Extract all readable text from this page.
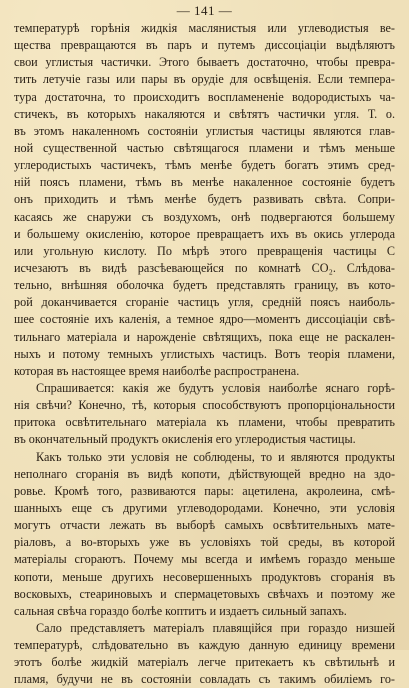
— 141 —
температурѣ горѣнія жидкія маслянистыя или углеводистыя ве-
щества превращаются въ паръ и путемъ диссоціаціи выдѣляютъ
свои углистыя частички. Этого бываетъ достаточно, чтобы превра-
тить летучіе газы или пары въ орудіе для освѣщенія. Если темпера-
тура достаточна, то происходитъ воспламененіе водородистыхъ ча-
стичекъ, въ которыхъ накаляются и свѣтятъ частички угля. Т. о.
въ этомъ накаленномъ состояніи углистыя частицы являются глав-
ной существенной частью свѣтящагося пламени и тѣмъ меньше
углеродистыхъ частичекъ, тѣмъ менѣе будетъ богатъ этимъ сред-
ній поясъ пламени, тѣмъ въ менѣе накаленное состояніе будетъ
онъ приходить и тѣмъ менѣе будетъ развивать свѣта. Сопри-
касаясь же снаружи съ воздухомъ, онѣ подвергаются большему
и большему окисленію, которое превращаетъ ихъ въ окись углерода
или угольную кислоту. По мѣрѣ этого превращенія частицы С
исчезаютъ въ видѣ разсѣевающейся по комнатѣ CO₂. Слѣдова-
тельно, внѣшняя оболочка будетъ представлять границу, въ кото-
рой доканчивается сгораніе частицъ угля, средній поясъ наиболь-
шее состояніе ихъ каленія, а темное ядро—моментъ диссоціаціи свѣ-
тильнаго матеріала и нарожденіе свѣтящихъ, пока еще не раскален-
ныхъ и потому темныхъ углистыхъ частицъ. Вотъ теорія пламени,
которая въ настоящее время наиболѣе распространена.
Спрашивается: какія же будутъ условія наиболѣе яснаго горѣ-
нія свѣчи? Конечно, тѣ, которыя способствуютъ пропорціональности
притока освѣтительнаго матеріала къ пламени, чтобы превратить
въ окончательный продуктъ окисленія его углеродистыя частицы.
Какъ только эти условія не соблюдены, то и являются продукты
неполнаго сгоранія въ видѣ копоти, дѣйствующей вредно на здо-
ровье. Кромѣ того, развиваются пары: ацетилена, акролеина, смѣ-
шанныхъ еще съ другими углеводородами. Конечно, эти условія
могутъ отчасти лежать въ выборѣ самыхъ освѣтительныхъ мате-
ріаловъ, а во-вторыхъ уже въ условіяхъ той среды, въ которой
матеріалы сгораютъ. Почему мы всегда и имѣемъ гораздо меньше
копоти, меньше другихъ несовершенныхъ продуктовъ сгоранія въ
восковыхъ, стеариновыхъ и спермацетовыхъ свѣчахъ и поэтому же
сальная свѣча гораздо болѣе коптитъ и издаетъ сильный запахъ.
Сало представляетъ матеріалъ плавящійся при гораздо низшей
температурѣ, слѣдовательно въ каждую данную единицу времени
этотъ болѣе жидкій матеріалъ легче притекаетъ къ свѣтильнѣ и
пламя, будучи не въ состояніи совладать съ такимъ обиліемъ го-
